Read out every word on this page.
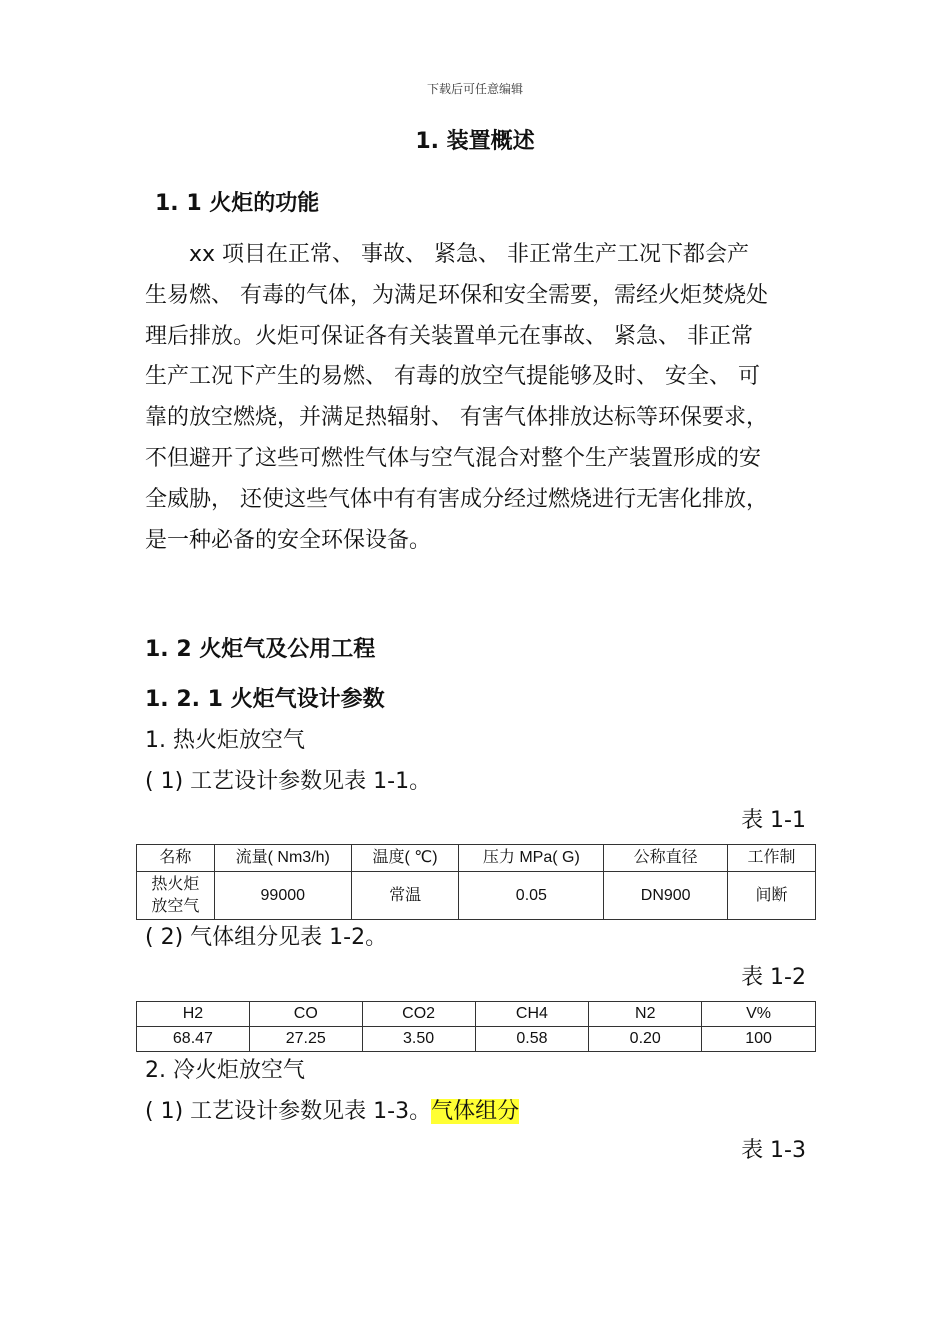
下载后可任意编辑
1. 装置概述
1. 1 火炬的功能
xx 项目在正常、 事故、 紧急、 非正常生产工况下都会产
生易燃、 有毒的气体，为满足环保和安全需要，需经火炬焚烧处
理后排放。火炬可保证各有关装置单元在事故、 紧急、 非正常
生产工况下产生的易燃、 有毒的放空气提能够及时、 安全、 可
靠的放空燃烧，并满足热辐射、 有害气体排放达标等环保要求，
不但避开了这些可燃性气体与空气混合对整个生产装置形成的安
全威胁， 还使这些气体中有有害成分经过燃烧进行无害化排放，
是一种必备的安全环保设备。
1. 2 火炬气及公用工程
1. 2. 1 火炬气设计参数
1. 热火炬放空气
( 1) 工艺设计参数见表 1-1。
表 1-1
名称	流量( Nm3/h)	温度( ℃)	压力 MPa( G)	公称直径	工作制

热火炬
放空气	99000	常温	0.05	DN900	间断
( 2) 气体组分见表 1-2。
表 1-2
H2	CO	CO2	CH4	N2	V%
68.47	27.25	3.50	0.58	0.20	100
2. 冷火炬放空气
( 1) 工艺设计参数见表 1-3。气体组分
表 1-3
